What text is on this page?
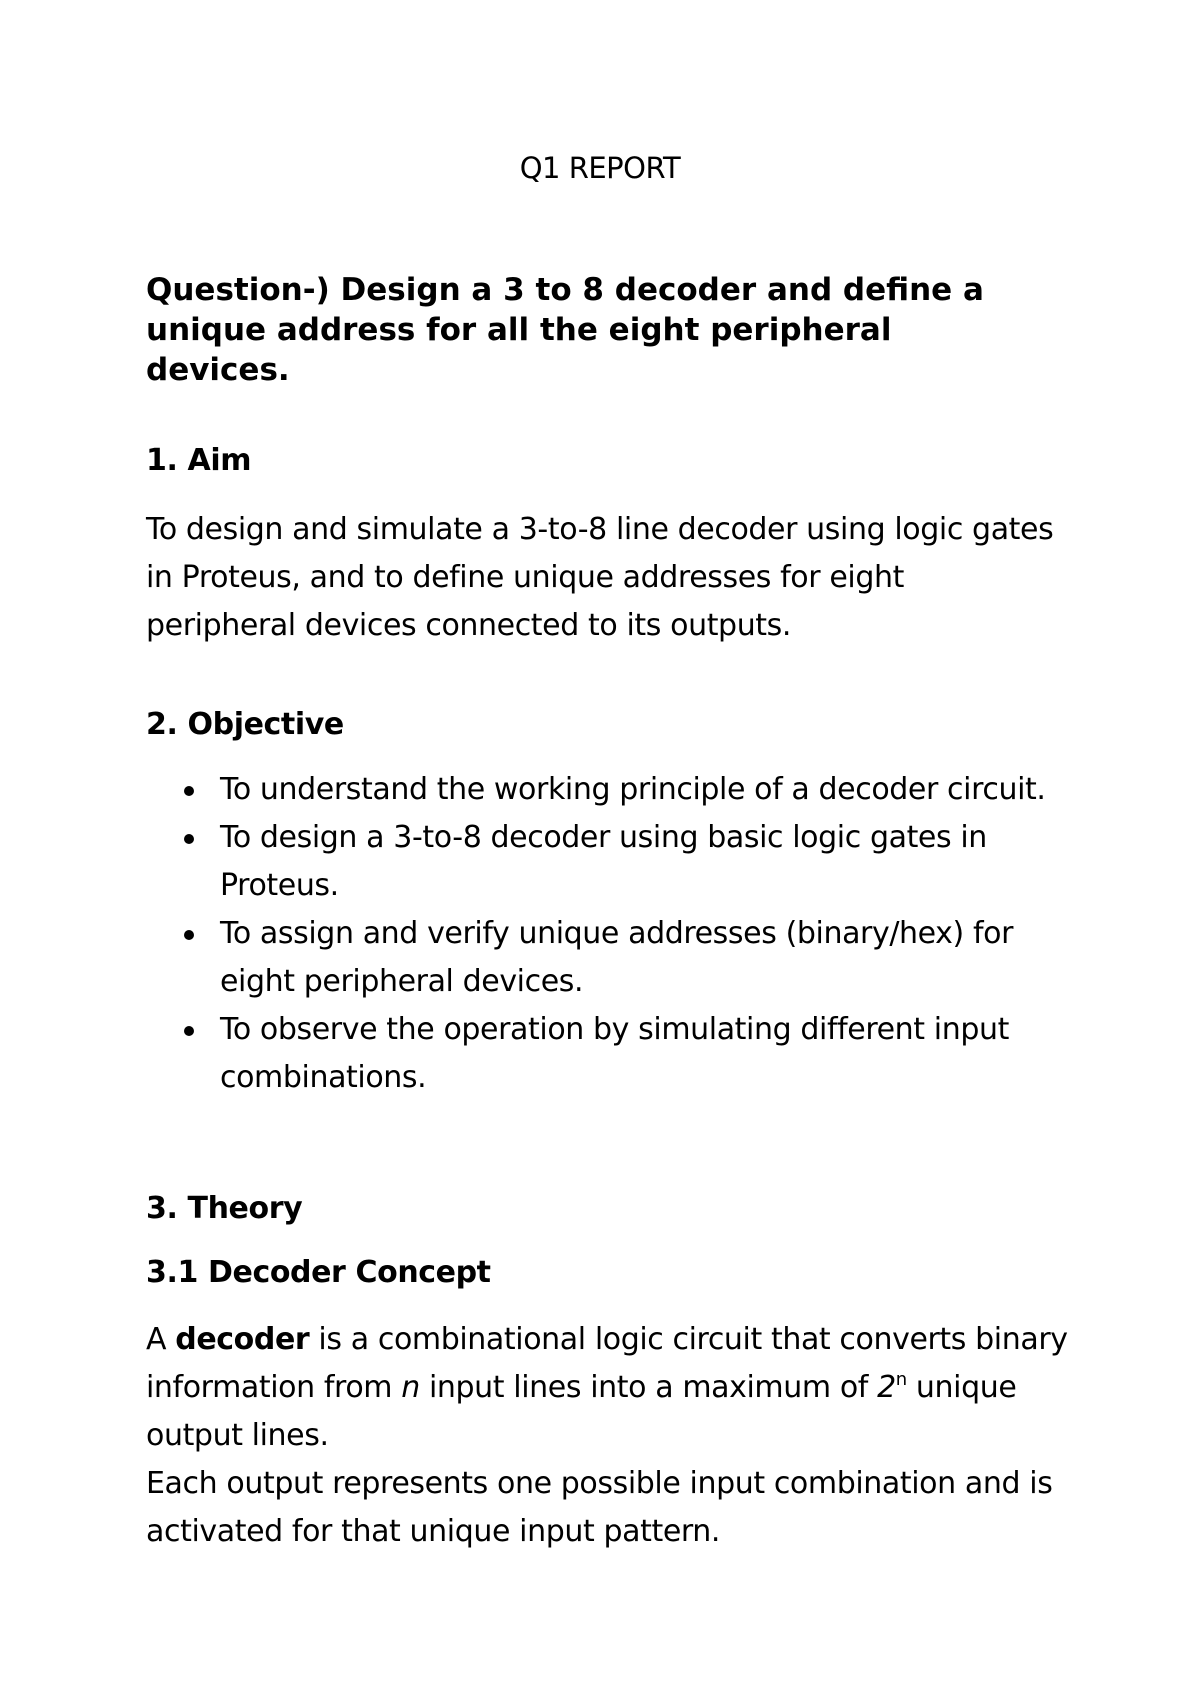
Q1 REPORT
Question-) Design a 3 to 8 decoder and define a
unique address for all the eight peripheral
devices.
1. Aim
To design and simulate a 3-to-8 line decoder using logic gates
in Proteus, and to define unique addresses for eight
peripheral devices connected to its outputs.
2. Objective
To understand the working principle of a decoder circuit.
To design a 3-to-8 decoder using basic logic gates in
Proteus.
To assign and verify unique addresses (binary/hex) for
eight peripheral devices.
To observe the operation by simulating different input
combinations.
3. Theory
3.1 Decoder Concept
A decoder is a combinational logic circuit that converts binary
information from n input lines into a maximum of 2$^n$ unique
output lines.
Each output represents one possible input combination and is
activated for that unique input pattern.
